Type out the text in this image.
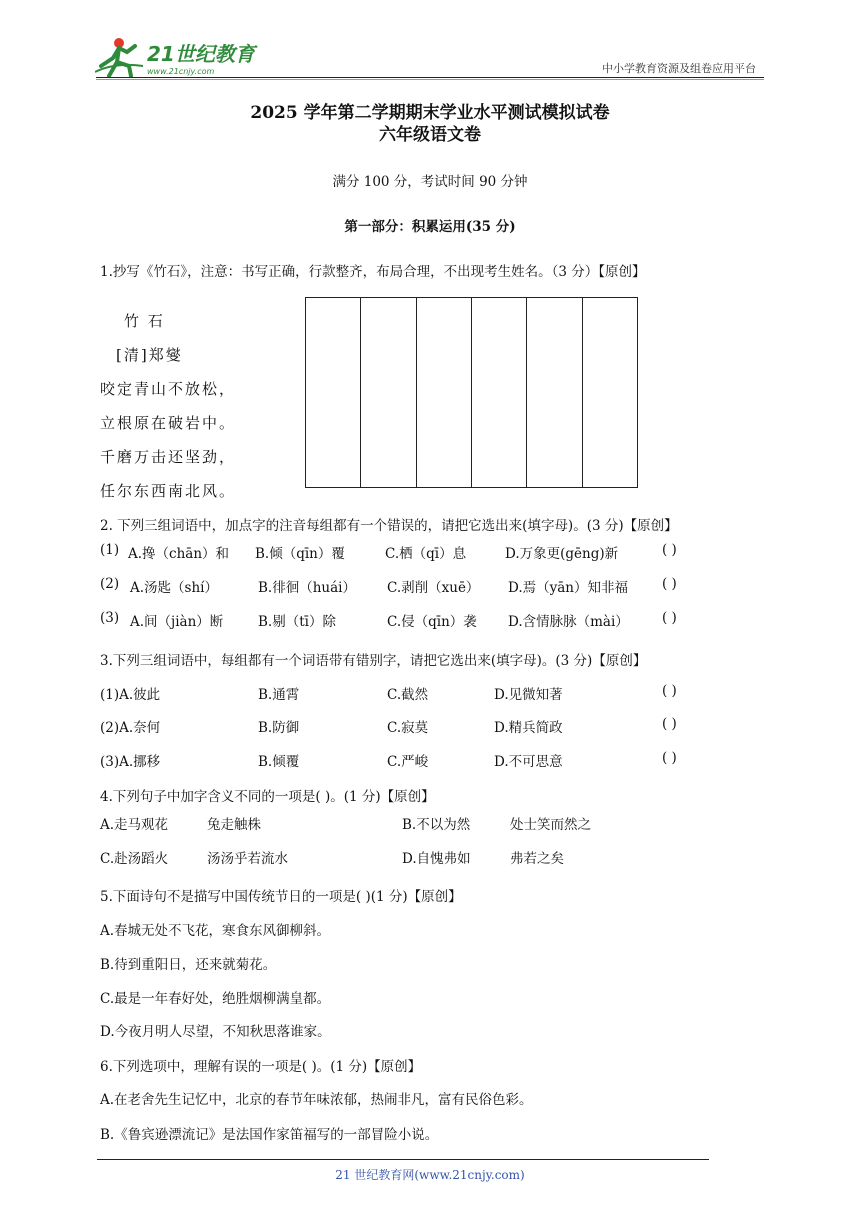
21世纪教育
www.21cnjy.com	中小学教育资源及组卷应用平台
2025 学年第二学期期末学业水平测试模拟试卷
六年级语文卷
满分 100 分，考试时间 90 分钟
第一部分：积累运用(35 分)
1.抄写《竹石》，注意：书写正确，行款整齐，布局合理，不出现考生姓名。（3 分）【原创】
竹 石
[清]郑燮
咬定青山不放松，
立根原在破岩中。
千磨万击还坚劲，
任尔东西南北风。
2. 下列三组词语中，加点字的注音每组都有一个错误的，请把它选出来(填字母)。(3 分)【原创】
(1) A.搀（chān）和 B.倾（qīn）覆	C.栖（qī）息	D.万象更(gēng)新	( )
(2) A.汤匙（shí）	B.徘徊（huái） C.剥削（xuē） D.焉（yān）知非福	( )
(3) A.间（jiàn）断	B.剔（tī）除	C.侵（qīn）袭 D.含情脉脉（mài） ( )
3.下列三组词语中，每组都有一个词语带有错别字，请把它选出来(填字母)。(3 分)【原创】
(1)A.彼此	B.通霄	C.截然	D.见微知著	( )
(2)A.奈何	B.防御	C.寂莫	D.精兵简政	( )
(3)A.挪移	B.倾覆	C.严峻	D.不可思意	( )
4.下列句子中加字含义不同的一项是( )。(1 分)【原创】
A.走马观花	兔走触株	B.不以为然	处士笑而然之
C.赴汤蹈火	汤汤乎若流水	D.自愧弗如	弗若之矣
5.下面诗句不是描写中国传统节日的一项是( )(1 分)【原创】
A.春城无处不飞花，寒食东风御柳斜。
B.待到重阳日，还来就菊花。
C.最是一年春好处，绝胜烟柳满皇都。
D.今夜月明人尽望，不知秋思落谁家。
6.下列选项中，理解有误的一项是( )。(1 分)【原创】
A.在老舍先生记忆中，北京的春节年味浓郁，热闹非凡，富有民俗色彩。
B.《鲁宾逊漂流记》是法国作家笛福写的一部冒险小说。
21 世纪教育网(www.21cnjy.com)
